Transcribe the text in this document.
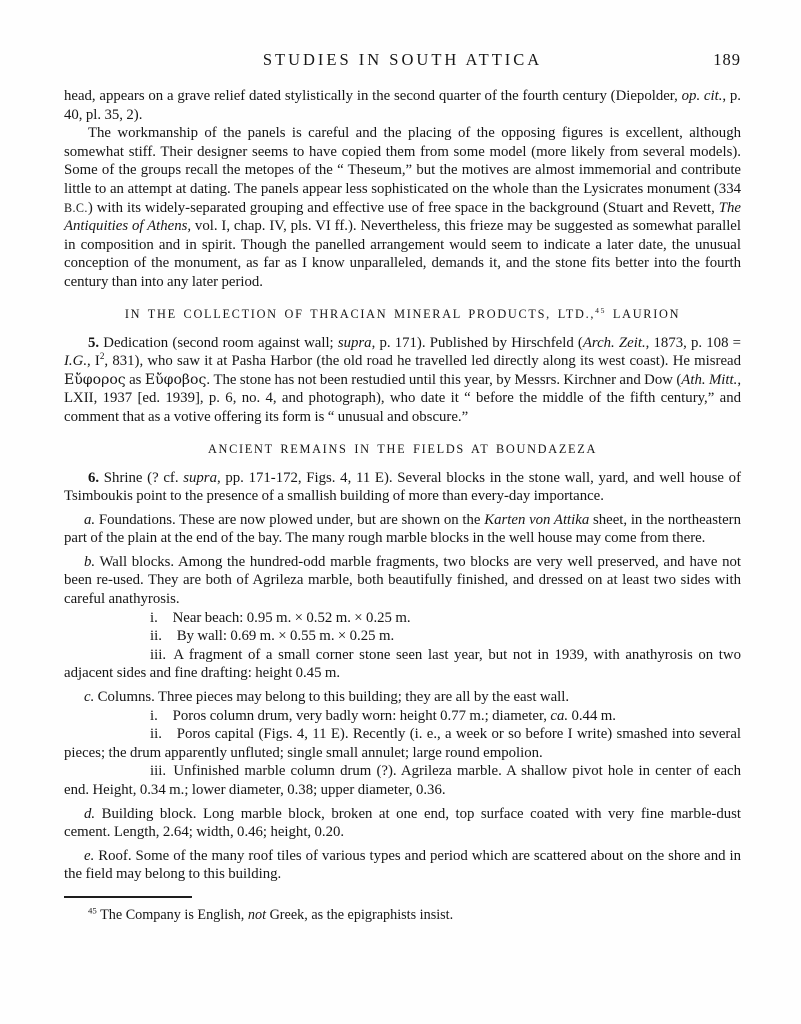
STUDIES IN SOUTH ATTICA	189

head, appears on a grave relief dated stylistically in the second quarter of the fourth century (Diepolder, op. cit., p. 40, pl. 35, 2).

The workmanship of the panels is careful and the placing of the opposing figures is excellent, although somewhat stiff. Their designer seems to have copied them from some model (more likely from several models). Some of the groups recall the metopes of the “ Theseum,” but the motives are almost immemorial and contribute little to an attempt at dating. The panels appear less sophisticated on the whole than the Lysicrates monument (334 B.C.) with its widely-separated grouping and effective use of free space in the background (Stuart and Revett, The Antiquities of Athens, vol. I, chap. IV, pls. VI ff.). Nevertheless, this frieze may be suggested as somewhat parallel in composition and in spirit. Though the panelled arrangement would seem to indicate a later date, the unusual conception of the monument, as far as I know unparalleled, demands it, and the stone fits better into the fourth century than into any later period.

IN THE COLLECTION OF THRACIAN MINERAL PRODUCTS, LTD.,$^{45}$ LAURION

5. Dedication (second room against wall; supra, p. 171). Published by Hirschfeld (Arch. Zeit., 1873, p. 108 = I.G., $I^2$, 831), who saw it at Pasha Harbor (the old road he travelled led directly along its west coast). He misread Εὔφορος as Εὔφοβος. The stone has not been restudied until this year, by Messrs. Kirchner and Dow (Ath. Mitt., LXII, 1937 [ed. 1939], p. 6, no. 4, and photograph), who date it “ before the middle of the fifth century,” and comment that as a votive offering its form is “ unusual and obscure.”

ANCIENT REMAINS IN THE FIELDS AT BOUNDAZEZA

6. Shrine (? cf. supra, pp. 171-172, Figs. 4, 11 E). Several blocks in the stone wall, yard, and well house of Tsimboukis point to the presence of a smallish building of more than every-day importance.

a. Foundations. These are now plowed under, but are shown on the Karten von Attika sheet, in the northeastern part of the plain at the end of the bay. The many rough marble blocks in the well house may come from there.

b. Wall blocks. Among the hundred-odd marble fragments, two blocks are very well preserved, and have not been re-used. They are both of Agrileza marble, both beautifully finished, and dressed on at least two sides with careful anathyrosis.

i.  Near beach: 0.95 m. × 0.52 m. × 0.25 m.

ii.  By wall: 0.69 m. × 0.55 m. × 0.25 m.

iii. A fragment of a small corner stone seen last year, but not in 1939, with anathyrosis on two adjacent sides and fine drafting: height 0.45 m.

c. Columns. Three pieces may belong to this building; they are all by the east wall.

i.  Poros column drum, very badly worn: height 0.77 m.; diameter, ca. 0.44 m.

ii.  Poros capital (Figs. 4, 11 E). Recently (i. e., a week or so before I write) smashed into several pieces; the drum apparently unfluted; single small annulet; large round empolion.

iii. Unfinished marble column drum (?). Agrileza marble. A shallow pivot hole in center of each end. Height, 0.34 m.; lower diameter, 0.38; upper diameter, 0.36.

d. Building block. Long marble block, broken at one end, top surface coated with very fine marble-dust cement. Length, 2.64; width, 0.46; height, 0.20.

e. Roof. Some of the many roof tiles of various types and period which are scattered about on the shore and in the field may belong to this building.

$^{45}$ The Company is English, not Greek, as the epigraphists insist.
